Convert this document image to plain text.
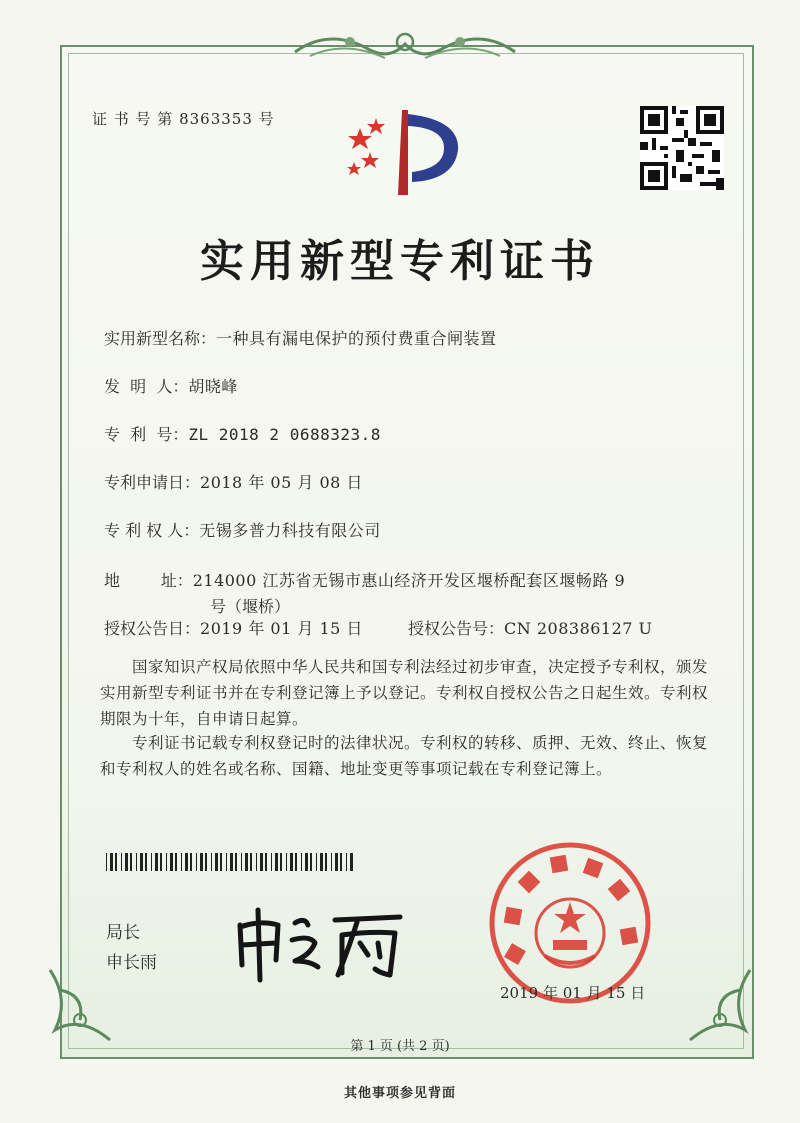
证 书 号 第 8363353 号
实用新型专利证书
实用新型名称：一种具有漏电保护的预付费重合闸装置
发  明  人：胡晓峰
专  利  号：ZL 2018 2 0688323.8
专利申请日：2018 年 05 月 08 日
专 利 权 人：无锡多普力科技有限公司
地        址：214000 江苏省无锡市惠山经济开发区堰桥配套区堰畅路 9
号（堰桥）
授权公告日：2019 年 01 月 15 日	授权公告号：CN 208386127 U
国家知识产权局依照中华人民共和国专利法经过初步审查，决定授予专利权，颁发实用新型专利证书并在专利登记簿上予以登记。专利权自授权公告之日起生效。专利权期限为十年，自申请日起算。
专利证书记载专利权登记时的法律状况。专利权的转移、质押、无效、终止、恢复和专利权人的姓名或名称、国籍、地址变更等事项记载在专利登记簿上。
局长
申长雨
2019 年 01 月 15 日
第 1 页 (共 2 页)
其他事项参见背面
